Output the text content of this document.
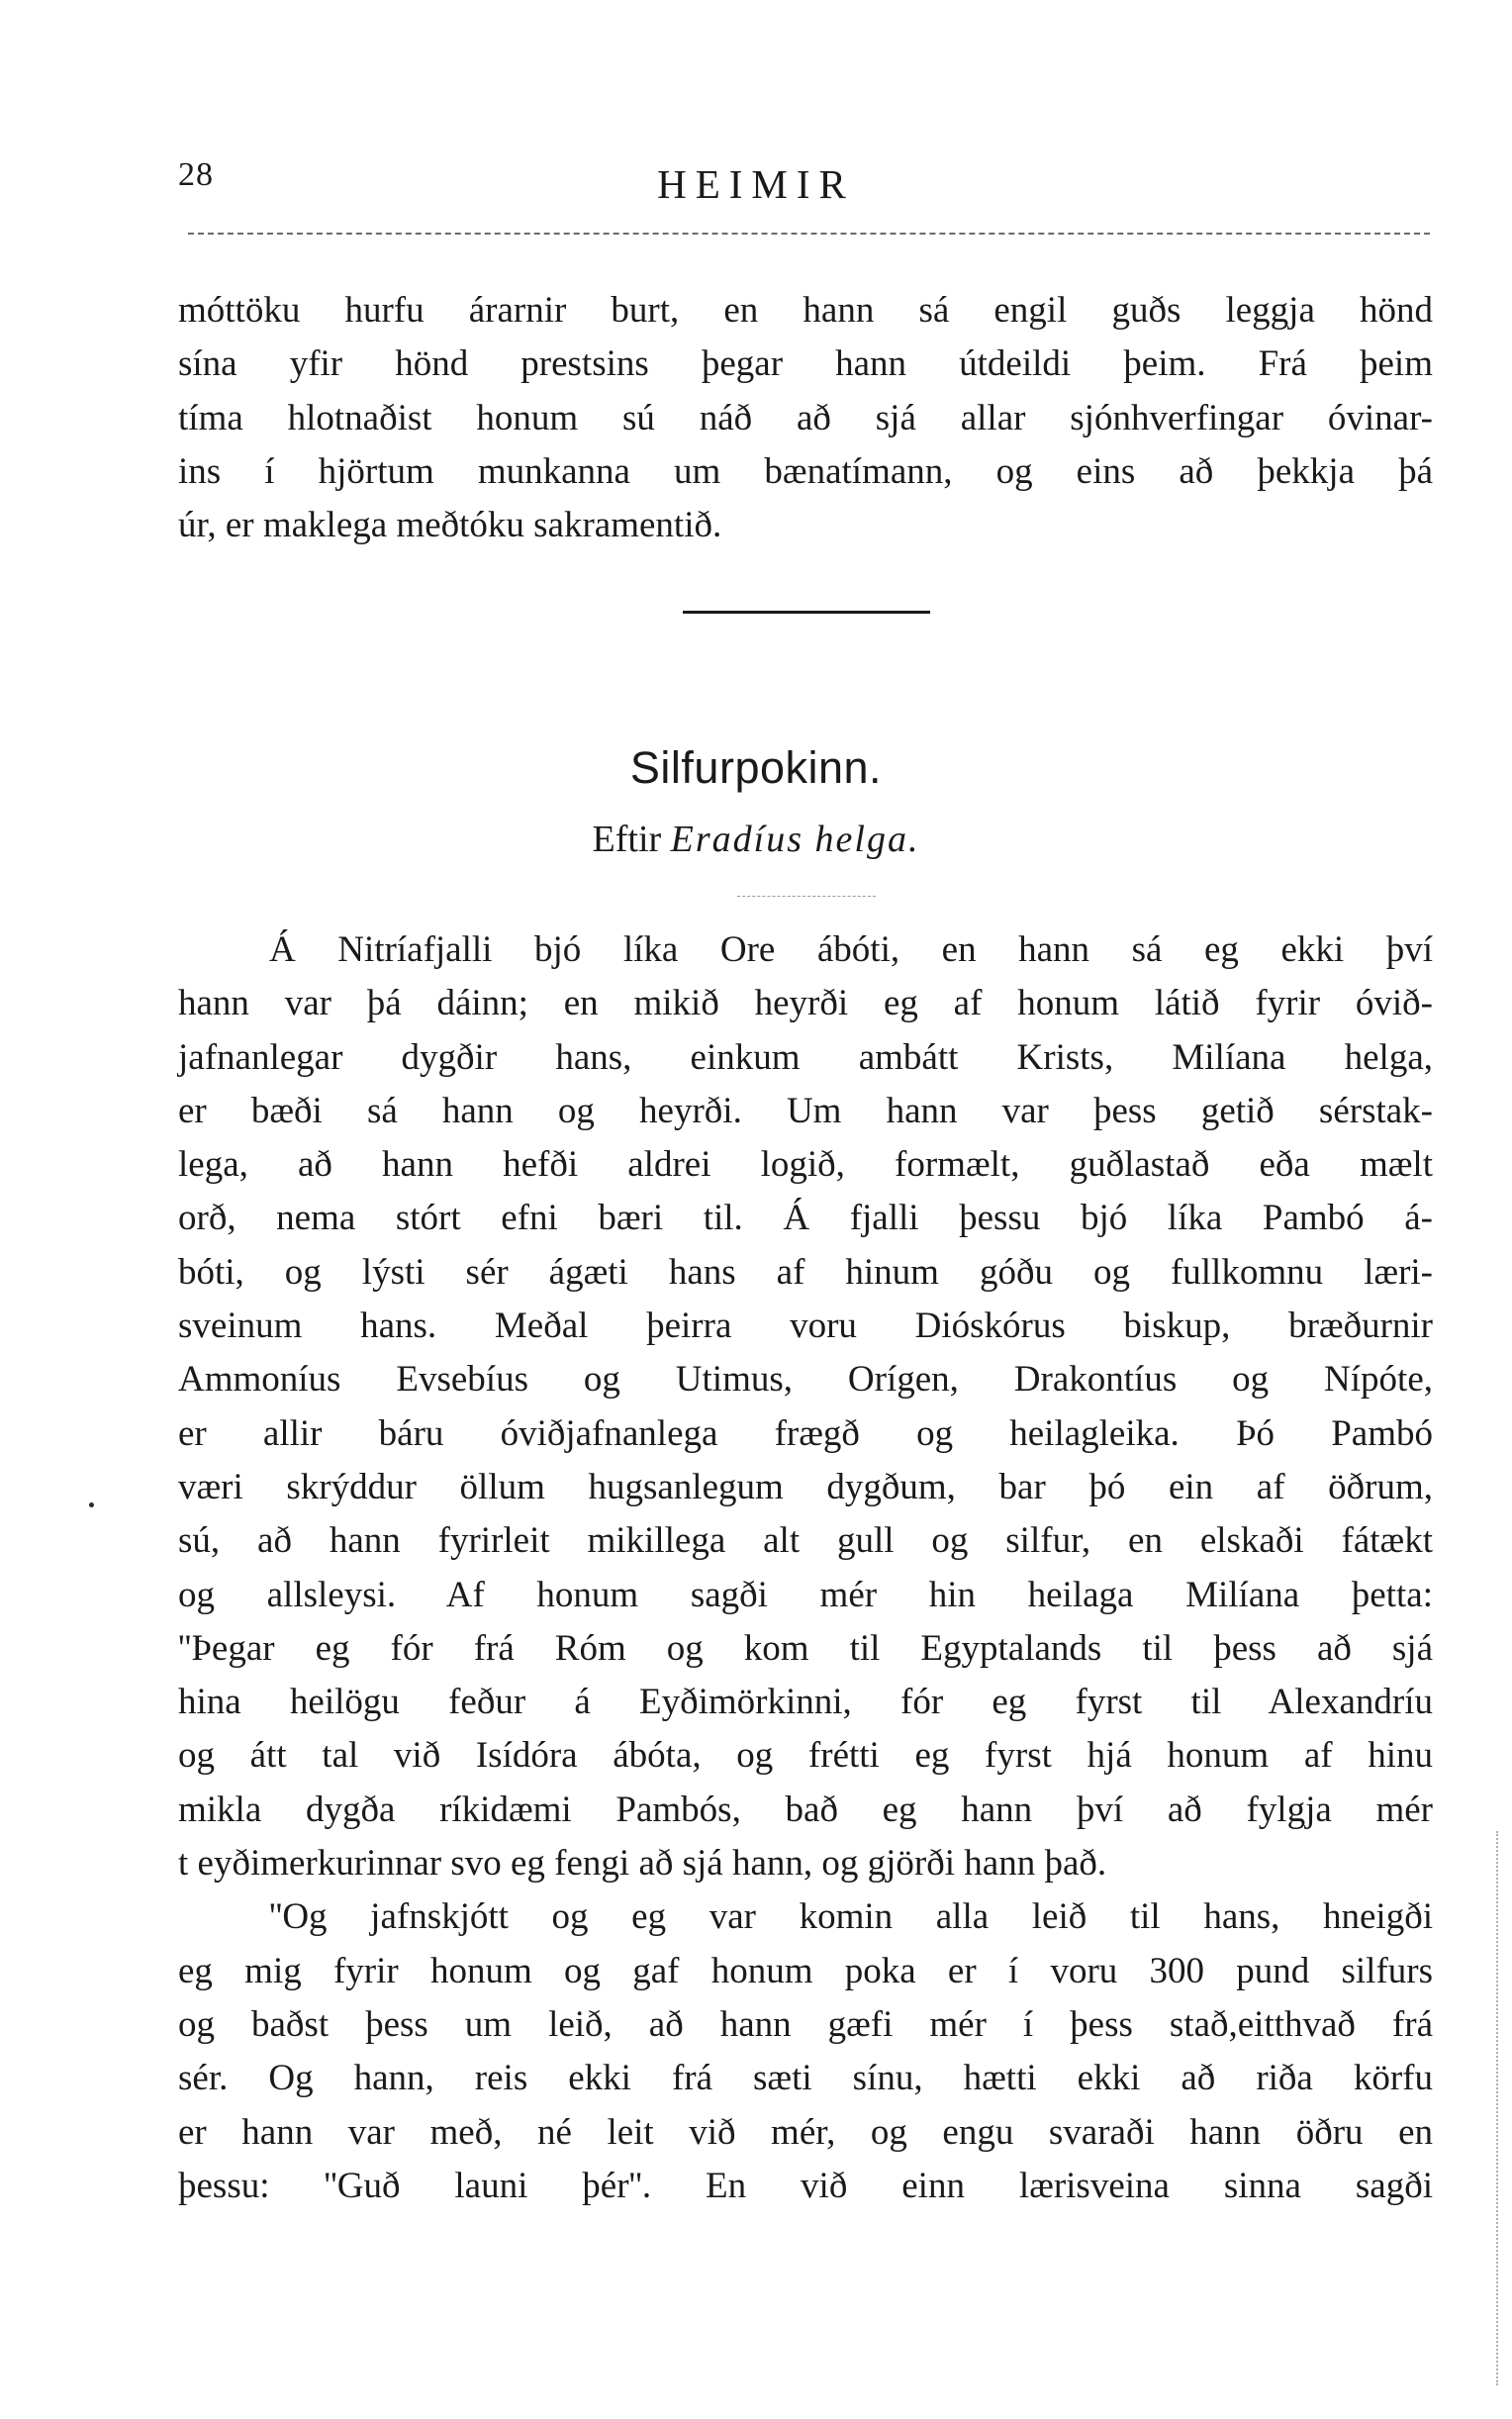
28	HEIMIR
móttöku hurfu árarnir burt, en hann sá engil guðs leggja hönd
sína yfir hönd prestsins þegar hann útdeildi þeim. Frá þeim
tíma hlotnaðist honum sú náð að sjá allar sjónhverfingar óvinar-
ins í hjörtum munkanna um bænatímann, og eins að þekkja þá
úr, er maklega meðtóku sakramentið.
Silfurpokinn.
Eftir Eradíus helga.
Á Nitríafjalli bjó líka Ore ábóti, en hann sá eg ekki því
hann var þá dáinn; en mikið heyrði eg af honum látið fyrir óvið-
jafnanlegar dygðir hans, einkum ambátt Krists, Milíana helga,
er bæði sá hann og heyrði. Um hann var þess getið sérstak-
lega, að hann hefði aldrei logið, formælt, guðlastað eða mælt
orð, nema stórt efni bæri til. Á fjalli þessu bjó líka Pambó á-
bóti, og lýsti sér ágæti hans af hinum góðu og fullkomnu læri-
sveinum hans. Meðal þeirra voru Dióskórus biskup, bræðurnir
Ammoníus Evsebíus og Utimus, Orígen, Drakontíus og Nípóte,
er allir báru óviðjafnanlega frægð og heilagleika. Þó Pambó
væri skrýddur öllum hugsanlegum dygðum, bar þó ein af öðrum,
sú, að hann fyrirleit mikillega alt gull og silfur, en elskaði fátækt
og allsleysi. Af honum sagði mér hin heilaga Milíana þetta:
''Þegar eg fór frá Róm og kom til Egyptalands til þess að sjá
hina heilögu feður á Eyðimörkinni, fór eg fyrst til Alexandríu
og átt tal við Isídóra ábóta, og frétti eg fyrst hjá honum af hinu
mikla dygða ríkidæmi Pambós, bað eg hann því að fylgja mér
t eyðimerkurinnar svo eg fengi að sjá hann, og gjörði hann það.
''Og jafnskjótt og eg var komin alla leið til hans, hneigði
eg mig fyrir honum og gaf honum poka er í voru 300 pund silfurs
og baðst þess um leið, að hann gæfi mér í þess stað,eitthvað frá
sér. Og hann, reis ekki frá sæti sínu, hætti ekki að riða körfu
er hann var með, né leit við mér, og engu svaraði hann öðru en
þessu: ''Guð launi þér''. En við einn lærisveina sinna sagði
